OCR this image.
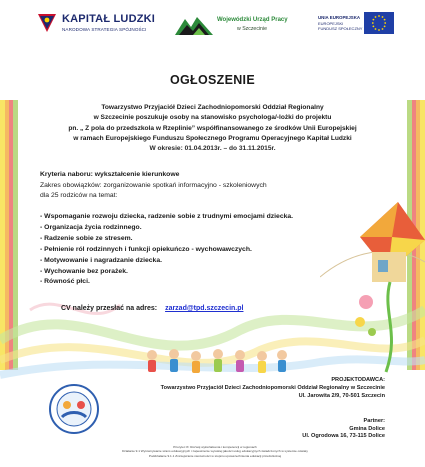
KAPITAŁ LUDZKI
NARODOWA STRATEGIA SPÓJNOŚCI
Wojewódzki Urząd Pracy
w Szczecinie
UNIA EUROPEJSKA
EUROPEJSKI
FUNDUSZ SPOŁECZNY
OGŁOSZENIE
Towarzystwo Przyjaciół Dzieci Zachodniopomorski Oddział Regionalny
w Szczecinie poszukuje osoby na stanowisko psychologa/-lożki do projektu
pn. „ Z pola do przedszkola w Rzeplinie” współfinansowanego ze środków Unii Europejskiej
w ramach Europejskiego Funduszu Społecznego Programu Operacyjnego Kapitał Ludzki
W okresie: 01.04.2013r. – do 31.11.2015r.
Kryteria naboru: wykształcenie kierunkowe
Zakres obowiązków: zorganizowanie spotkań informacyjno - szkoleniowych
dla 25 rodziców na temat:
- Wspomaganie rozwoju dziecka, radzenie sobie z trudnymi emocjami dziecka.
- Organizacja życia rodzinnego.
- Radzenie sobie ze stresem.
- Pełnienie ról rodzinnych i funkcji opiekuńczo - wychowawczych.
- Motywowanie i nagradzanie dziecka.
- Wychowanie bez porażek.
- Równość płci.
CV należy przesłać na adres: zarzad@tpd.szczecin.pl
PROJEKTODAWCA:
Towarzystwo Przyjaciół Dzieci Zachodniopomorski Oddział Regionalny w Szczecinie
Ul. Jarowita 2/9, 70-501 Szczecin
Partner:
Gmina Dolice
Ul. Ogrodowa 16, 73-115 Dolice
Priorytet IX: Rozwój wykształcenia i kompetencji w regionach
Działanie 9.1 Wyrównywanie szans edukacyjnych i zapewnienie wysokiej jakości usług edukacyjnych świadczonych w systemie oświaty
Poddziałanie 9.1.1 Zmniejszanie nierówności w stopniu upowszechnienia edukacji przedszkolnej
